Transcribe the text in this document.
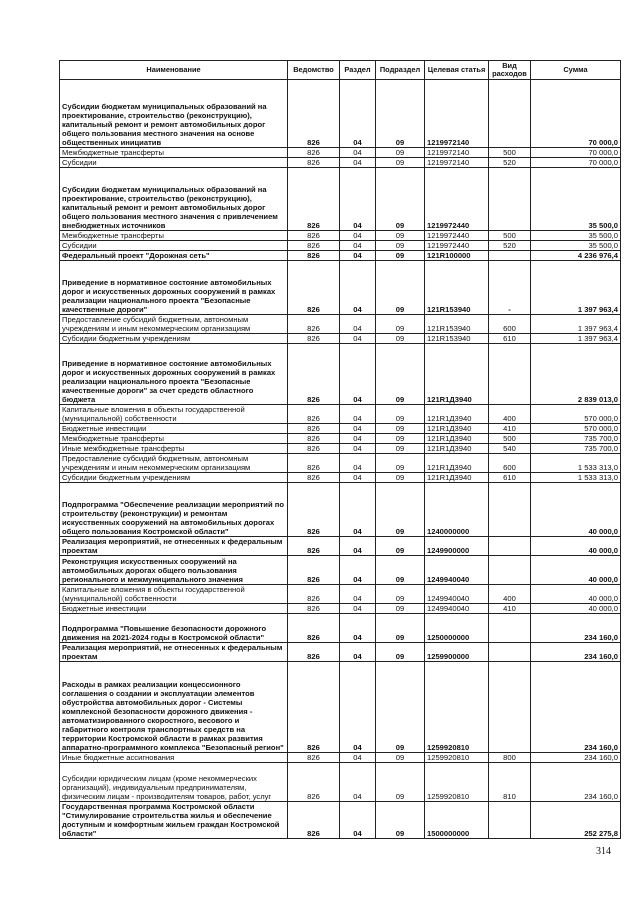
Наименование	Ведомство	Раздел	Подраздел	Целевая статья	Вид расходов	Сумма
Субсидии бюджетам муниципальных образований на проектирование, строительство (реконструкцию), капитальный ремонт и ремонт автомобильных дорог общего пользования местного значения на основе общественных инициатив	826	04	09	1219972140		70 000,0
Межбюджетные трансферты	826	04	09	1219972140	500	70 000,0
Субсидии	826	04	09	1219972140	520	70 000,0
Субсидии бюджетам муниципальных образований на проектирование, строительство (реконструкцию), капитальный ремонт и ремонт автомобильных дорог общего пользования местного значения с привлечением внебюджетных источников	826	04	09	1219972440		35 500,0
Межбюджетные трансферты	826	04	09	1219972440	500	35 500,0
Субсидии	826	04	09	1219972440	520	35 500,0
Федеральный проект "Дорожная сеть"	826	04	09	121R100000		4 236 976,4
Приведение в нормативное состояние автомобильных дорог и искусственных дорожных сооружений в рамках реализации национального проекта "Безопасные качественные дороги"	826	04	09	121R153940	-	1 397 963,4
Предоставление субсидий бюджетным, автономным учреждениям и иным некоммерческим организациям	826	04	09	121R153940	600	1 397 963,4
Субсидии бюджетным учреждениям	826	04	09	121R153940	610	1 397 963,4
Приведение в нормативное состояние автомобильных дорог и искусственных дорожных сооружений в рамках реализации национального проекта "Безопасные качественные дороги" за счет средств областного бюджета	826	04	09	121R1Д3940		2 839 013,0
Капитальные вложения в объекты государственной (муниципальной) собственности	826	04	09	121R1Д3940	400	570 000,0
Бюджетные инвестиции	826	04	09	121R1Д3940	410	570 000,0
Межбюджетные трансферты	826	04	09	121R1Д3940	500	735 700,0
Иные межбюджетные трансферты	826	04	09	121R1Д3940	540	735 700,0
Предоставление субсидий бюджетным, автономным учреждениям и иным некоммерческим организациям	826	04	09	121R1Д3940	600	1 533 313,0
Субсидии бюджетным учреждениям	826	04	09	121R1Д3940	610	1 533 313,0
Подпрограмма "Обеспечение реализации мероприятий по строительству (реконструкции) и ремонтам искусственных сооружений на автомобильных дорогах общего пользования Костромской области"	826	04	09	1240000000		40 000,0
Реализация мероприятий, не отнесенных к федеральным проектам	826	04	09	1249900000		40 000,0
Реконструкция искусственных сооружений на автомобильных дорогах общего пользования регионального и межмуниципального значения	826	04	09	1249940040		40 000,0
Капитальные вложения в объекты государственной (муниципальной) собственности	826	04	09	1249940040	400	40 000,0
Бюджетные инвестиции	826	04	09	1249940040	410	40 000,0
Подпрограмма "Повышение безопасности дорожного движения на 2021-2024 годы в Костромской области"	826	04	09	1250000000		234 160,0
Реализация мероприятий, не отнесенных к федеральным проектам	826	04	09	1259900000		234 160,0
Расходы в рамках реализации концессионного соглашения о создании и эксплуатации элементов обустройства автомобильных дорог - Системы комплексной безопасности дорожного движения - автоматизированного скоростного, весового и габаритного контроля транспортных средств на территории Костромской области в рамках развития аппаратно-программного комплекса "Безопасный регион"	826	04	09	1259920810		234 160,0
Иные бюджетные ассигнования	826	04	09	1259920810	800	234 160,0
Субсидии юридическим лицам (кроме некоммерческих организаций), индивидуальным предпринимателям, физическим лицам - производителям товаров, работ, услуг	826	04	09	1259920810	810	234 160,0
Государственная программа Костромской области "Стимулирование строительства жилья и обеспечение доступным и комфортным жильем граждан Костромской области"	826	04	09	1500000000		252 275,8
314
